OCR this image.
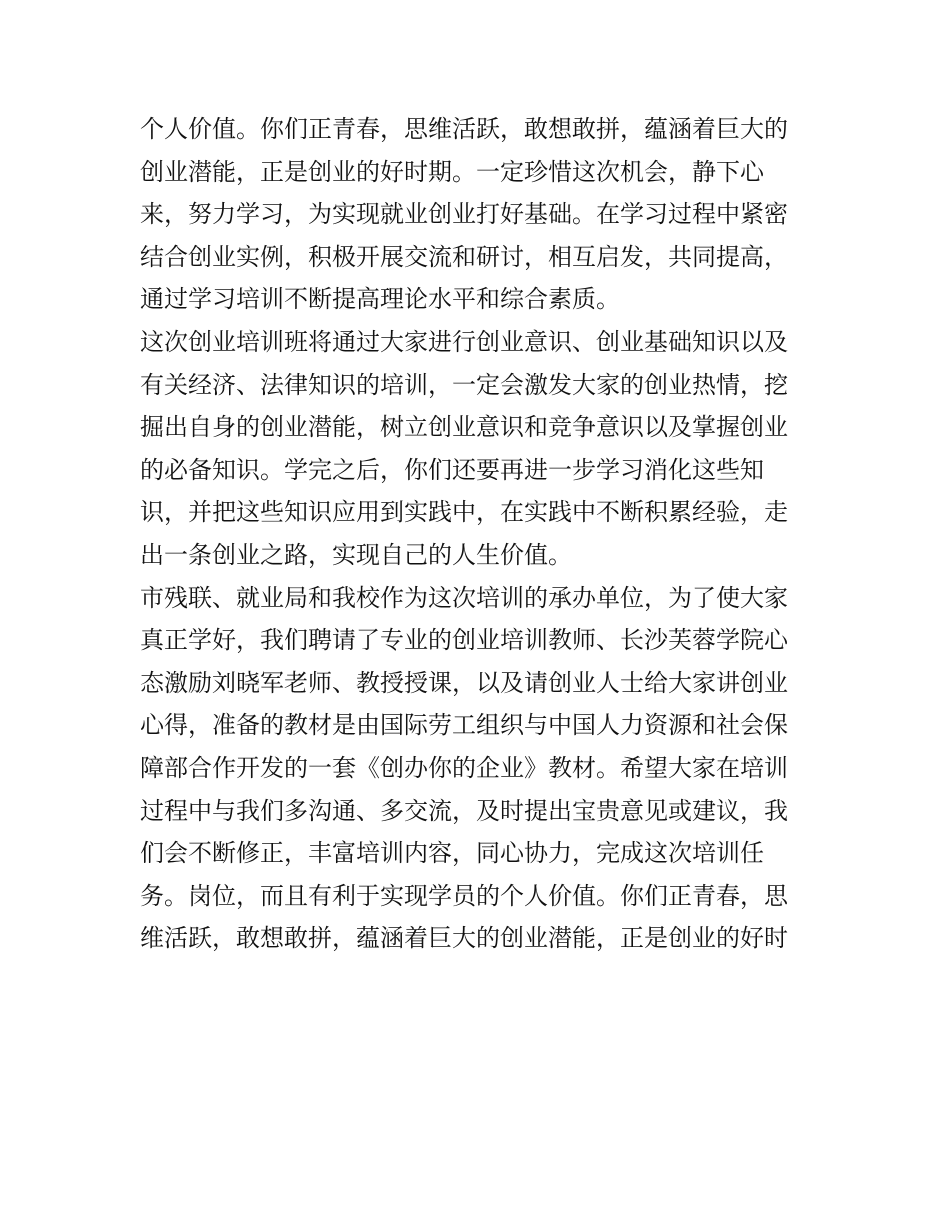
个人价值。你们正青春，思维活跃，敢想敢拼，蕴涵着巨大的
创业潜能，正是创业的好时期。一定珍惜这次机会，静下心
来，努力学习，为实现就业创业打好基础。在学习过程中紧密
结合创业实例，积极开展交流和研讨，相互启发，共同提高，
通过学习培训不断提高理论水平和综合素质。
这次创业培训班将通过大家进行创业意识、创业基础知识以及
有关经济、法律知识的培训，一定会激发大家的创业热情，挖
掘出自身的创业潜能，树立创业意识和竞争意识以及掌握创业
的必备知识。学完之后，你们还要再进一步学习消化这些知
识，并把这些知识应用到实践中，在实践中不断积累经验，走
出一条创业之路，实现自己的人生价值。
市残联、就业局和我校作为这次培训的承办单位，为了使大家
真正学好，我们聘请了专业的创业培训教师、长沙芙蓉学院心
态激励刘晓军老师、教授授课，以及请创业人士给大家讲创业
心得，准备的教材是由国际劳工组织与中国人力资源和社会保
障部合作开发的一套《创办你的企业》教材。希望大家在培训
过程中与我们多沟通、多交流，及时提出宝贵意见或建议，我
们会不断修正，丰富培训内容，同心协力，完成这次培训任
务。岗位，而且有利于实现学员的个人价值。你们正青春，思
维活跃，敢想敢拼，蕴涵着巨大的创业潜能，正是创业的好时
